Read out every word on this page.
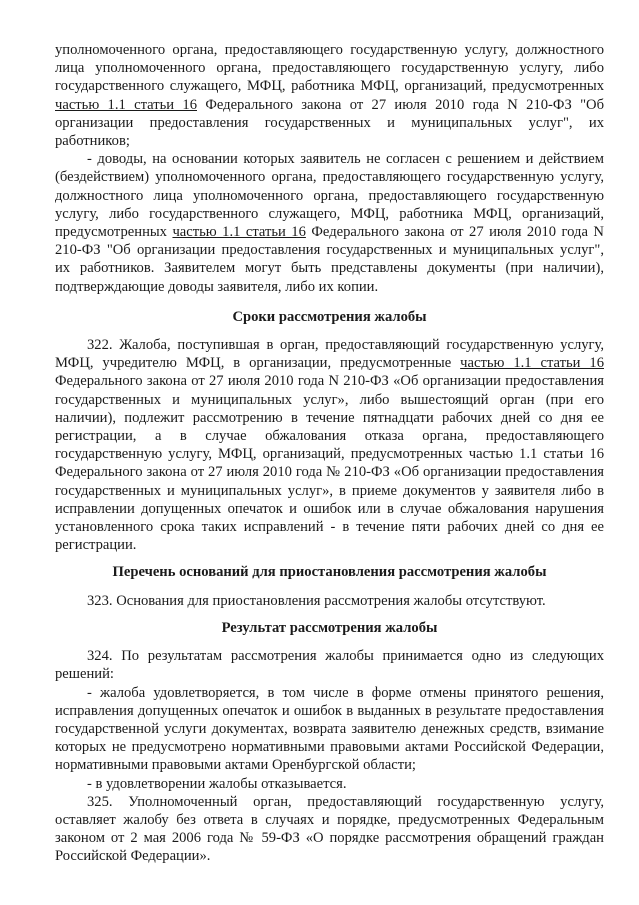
уполномоченного органа, предоставляющего государственную услугу, должностного лица уполномоченного органа, предоставляющего государственную услугу, либо государственного служащего, МФЦ, работника МФЦ, организаций, предусмотренных частью 1.1 статьи 16 Федерального закона от 27 июля 2010 года N 210-ФЗ "Об организации предоставления государственных и муниципальных услуг", их работников;

- доводы, на основании которых заявитель не согласен с решением и действием (бездействием) уполномоченного органа, предоставляющего государственную услугу, должностного лица уполномоченного органа, предоставляющего государственную услугу, либо государственного служащего, МФЦ, работника МФЦ, организаций, предусмотренных частью 1.1 статьи 16 Федерального закона от 27 июля 2010 года N 210-ФЗ "Об организации предоставления государственных и муниципальных услуг", их работников. Заявителем могут быть представлены документы (при наличии), подтверждающие доводы заявителя, либо их копии.

Сроки рассмотрения жалобы

322. Жалоба, поступившая в орган, предоставляющий государственную услугу, МФЦ, учредителю МФЦ, в организации, предусмотренные частью 1.1 статьи 16 Федерального закона от 27 июля 2010 года N 210-ФЗ «Об организации предоставления государственных и муниципальных услуг», либо вышестоящий орган (при его наличии), подлежит рассмотрению в течение пятнадцати рабочих дней со дня ее регистрации, а в случае обжалования отказа органа, предоставляющего государственную услугу, МФЦ, организаций, предусмотренных частью 1.1 статьи 16 Федерального закона от 27 июля 2010 года № 210-ФЗ «Об организации предоставления государственных и муниципальных услуг», в приеме документов у заявителя либо в исправлении допущенных опечаток и ошибок или в случае обжалования нарушения установленного срока таких исправлений - в течение пяти рабочих дней со дня ее регистрации.

Перечень оснований для приостановления рассмотрения жалобы

323. Основания для приостановления рассмотрения жалобы отсутствуют.

Результат рассмотрения жалобы

324. По результатам рассмотрения жалобы принимается одно из следующих решений:

- жалоба удовлетворяется, в том числе в форме отмены принятого решения, исправления допущенных опечаток и ошибок в выданных в результате предоставления государственной услуги документах, возврата заявителю денежных средств, взимание которых не предусмотрено нормативными правовыми актами Российской Федерации, нормативными правовыми актами Оренбургской области;

- в удовлетворении жалобы отказывается.

325. Уполномоченный орган, предоставляющий государственную услугу, оставляет жалобу без ответа в случаях и порядке, предусмотренных Федеральным законом от 2 мая 2006 года № 59-ФЗ «О порядке рассмотрения обращений граждан Российской Федерации».
